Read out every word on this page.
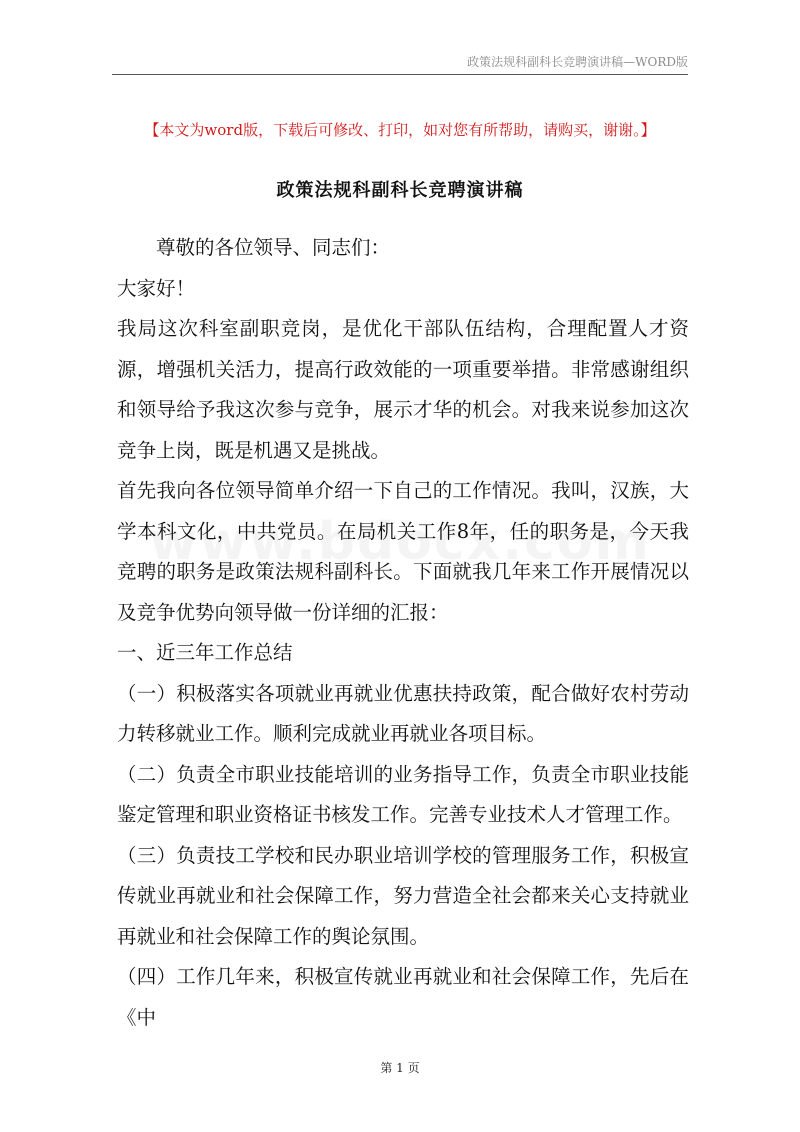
政策法规科副科长竞聘演讲稿—WORD版
【本文为word版，下载后可修改、打印，如对您有所帮助，请购买，谢谢。】
政策法规科副科长竞聘演讲稿

尊敬的各位领导、同志们：

大家好！

我局这次科室副职竞岗，是优化干部队伍结构，合理配置人才资源，增强机关活力，提高行政效能的一项重要举措。非常感谢组织和领导给予我这次参与竞争，展示才华的机会。对我来说参加这次竞争上岗，既是机遇又是挑战。

首先我向各位领导简单介绍一下自己的工作情况。我叫，汉族，大学本科文化，中共党员。在局机关工作8年，任的职务是，今天我竞聘的职务是政策法规科副科长。下面就我几年来工作开展情况以及竞争优势向领导做一份详细的汇报：

一、近三年工作总结

（一）积极落实各项就业再就业优惠扶持政策，配合做好农村劳动力转移就业工作。顺利完成就业再就业各项目标。

（二）负责全市职业技能培训的业务指导工作，负责全市职业技能鉴定管理和职业资格证书核发工作。完善专业技术人才管理工作。

（三）负责技工学校和民办职业培训学校的管理服务工作，积极宣传就业再就业和社会保障工作，努力营造全社会都来关心支持就业再就业和社会保障工作的舆论氛围。

（四）工作几年来，积极宣传就业再就业和社会保障工作，先后在《中

第 1 页
